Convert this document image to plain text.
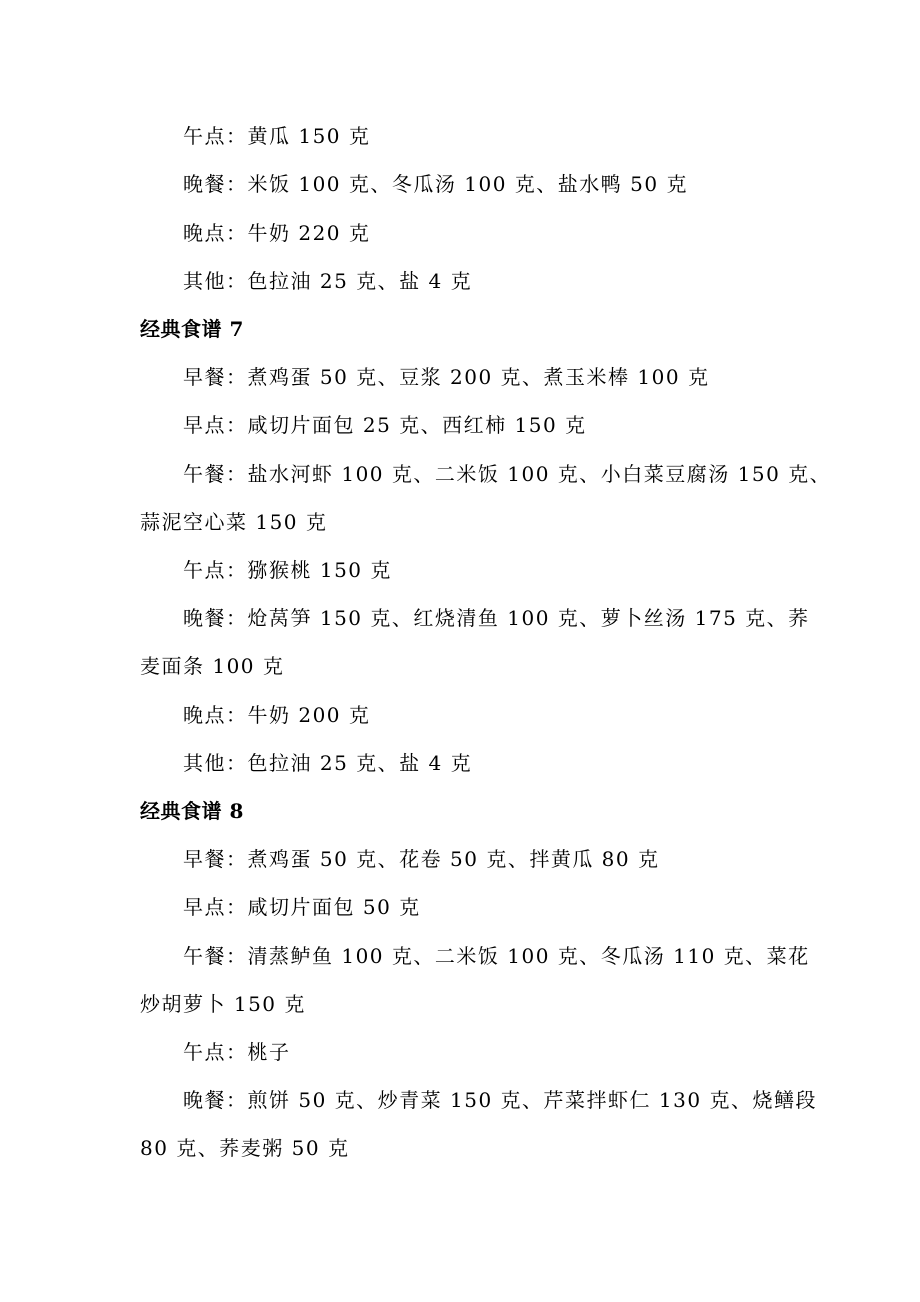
午点：黄瓜 150 克
晚餐：米饭 100 克、冬瓜汤 100 克、盐水鸭 50 克
晚点：牛奶 220 克
其他：色拉油 25 克、盐 4 克
经典食谱 7
早餐：煮鸡蛋 50 克、豆浆 200 克、煮玉米棒 100 克
早点：咸切片面包 25 克、西红柿 150 克
午餐：盐水河虾 100 克、二米饭 100 克、小白菜豆腐汤 150 克、
蒜泥空心菜 150 克
午点：猕猴桃 150 克
晚餐：炝莴笋 150 克、红烧清鱼 100 克、萝卜丝汤 175 克、荞
麦面条 100 克
晚点：牛奶 200 克
其他：色拉油 25 克、盐 4 克
经典食谱 8
早餐：煮鸡蛋 50 克、花卷 50 克、拌黄瓜 80 克
早点：咸切片面包 50 克
午餐：清蒸鲈鱼 100 克、二米饭 100 克、冬瓜汤 110 克、菜花
炒胡萝卜 150 克
午点：桃子
晚餐：煎饼 50 克、炒青菜 150 克、芹菜拌虾仁 130 克、烧鳝段
80 克、荞麦粥 50 克
